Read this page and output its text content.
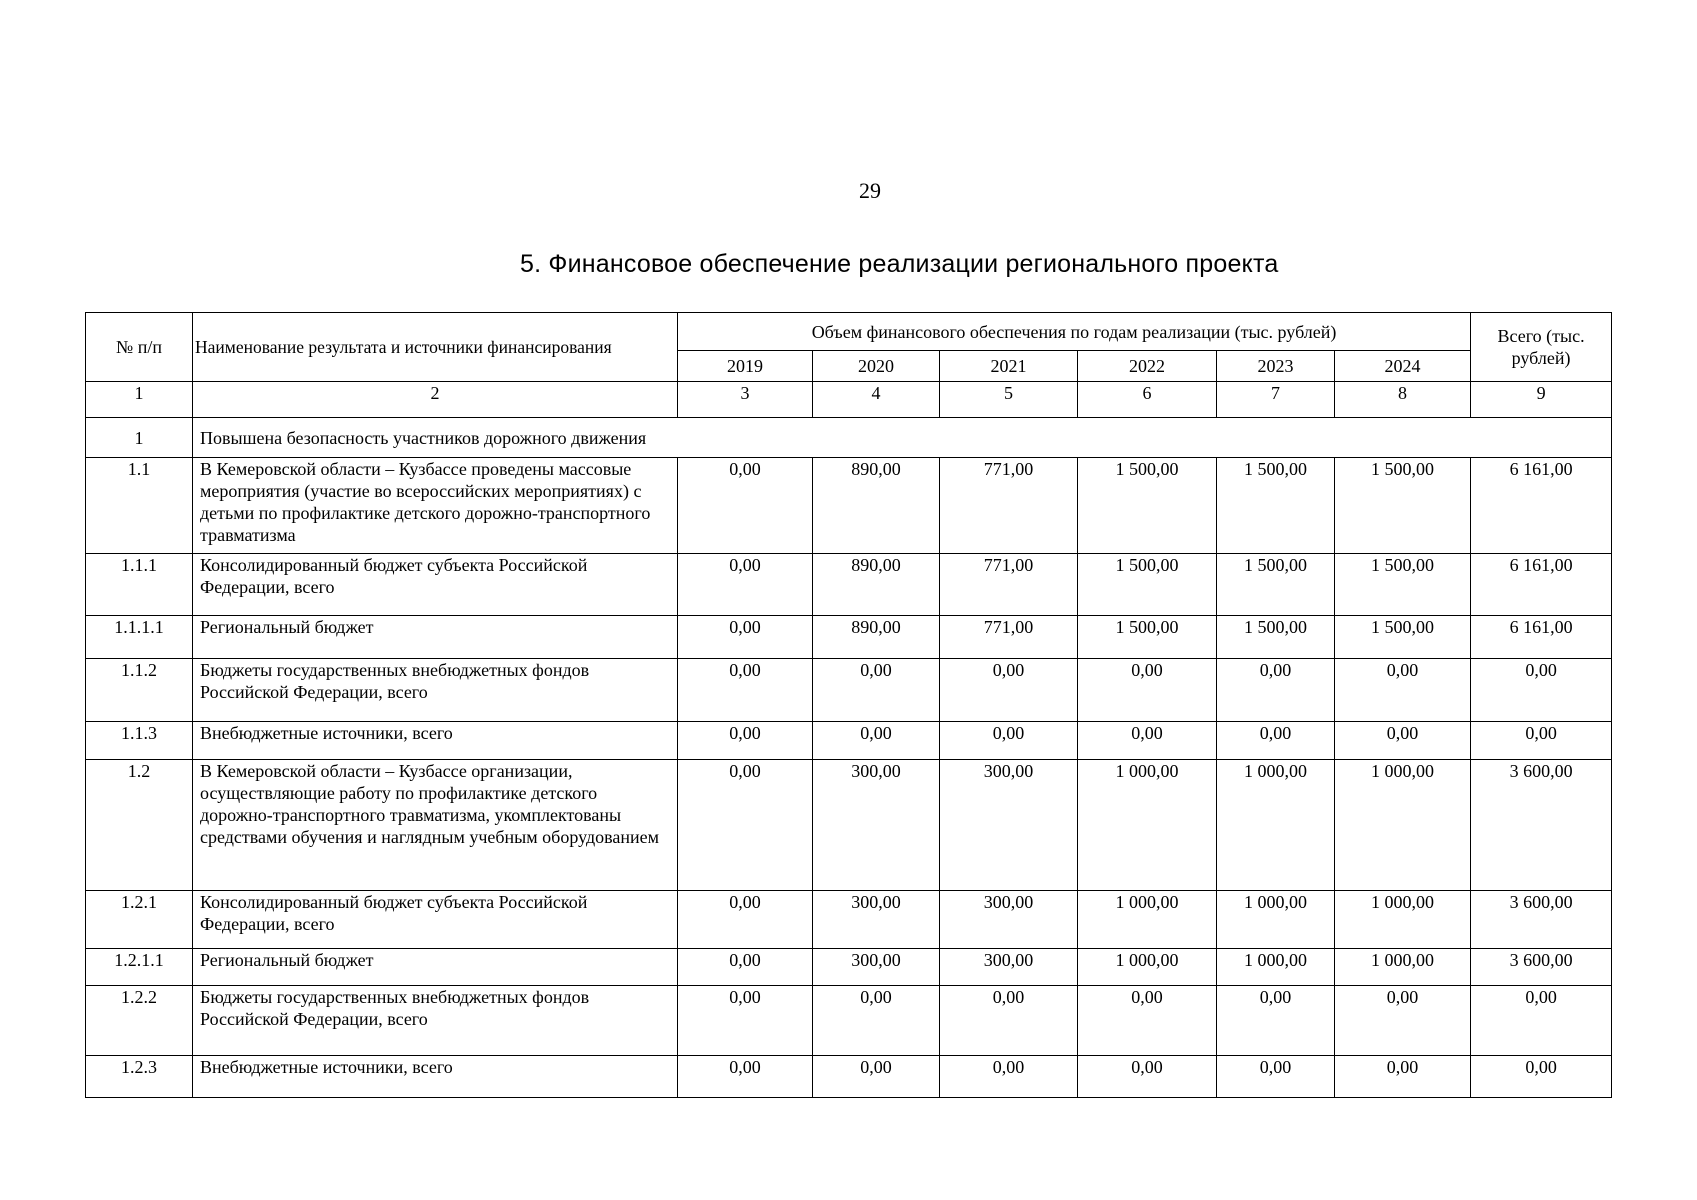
29
5. Финансовое обеспечение реализации регионального проекта
№ п/п	Наименование результата и источники финансирования	Объем финансового обеспечения по годам реализации (тыс. рублей)						Всего (тыс. рублей)
		2019	2020	2021	2022	2023	2024	
1	2	3	4	5	6	7	8	9
1	Повышена безопасность участников дорожного движения							
1.1	В Кемеровской области – Кузбассе проведены массовые мероприятия (участие во всероссийских мероприятиях) с детьми по профилактике детского дорожно-транспортного травматизма	0,00	890,00	771,00	1 500,00	1 500,00	1 500,00	6 161,00
1.1.1	Консолидированный бюджет субъекта Российской Федерации, всего	0,00	890,00	771,00	1 500,00	1 500,00	1 500,00	6 161,00
1.1.1.1	Региональный бюджет	0,00	890,00	771,00	1 500,00	1 500,00	1 500,00	6 161,00
1.1.2	Бюджеты государственных внебюджетных фондов Российской Федерации, всего	0,00	0,00	0,00	0,00	0,00	0,00	0,00
1.1.3	Внебюджетные источники, всего	0,00	0,00	0,00	0,00	0,00	0,00	0,00
1.2	В Кемеровской области – Кузбассе организации, осуществляющие работу по профилактике детского дорожно-транспортного травматизма, укомплектованы средствами обучения и наглядным учебным оборудованием	0,00	300,00	300,00	1 000,00	1 000,00	1 000,00	3 600,00
1.2.1	Консолидированный бюджет субъекта Российской Федерации, всего	0,00	300,00	300,00	1 000,00	1 000,00	1 000,00	3 600,00
1.2.1.1	Региональный бюджет	0,00	300,00	300,00	1 000,00	1 000,00	1 000,00	3 600,00
1.2.2	Бюджеты государственных внебюджетных фондов Российской Федерации, всего	0,00	0,00	0,00	0,00	0,00	0,00	0,00
1.2.3	Внебюджетные источники, всего	0,00	0,00	0,00	0,00	0,00	0,00	0,00
